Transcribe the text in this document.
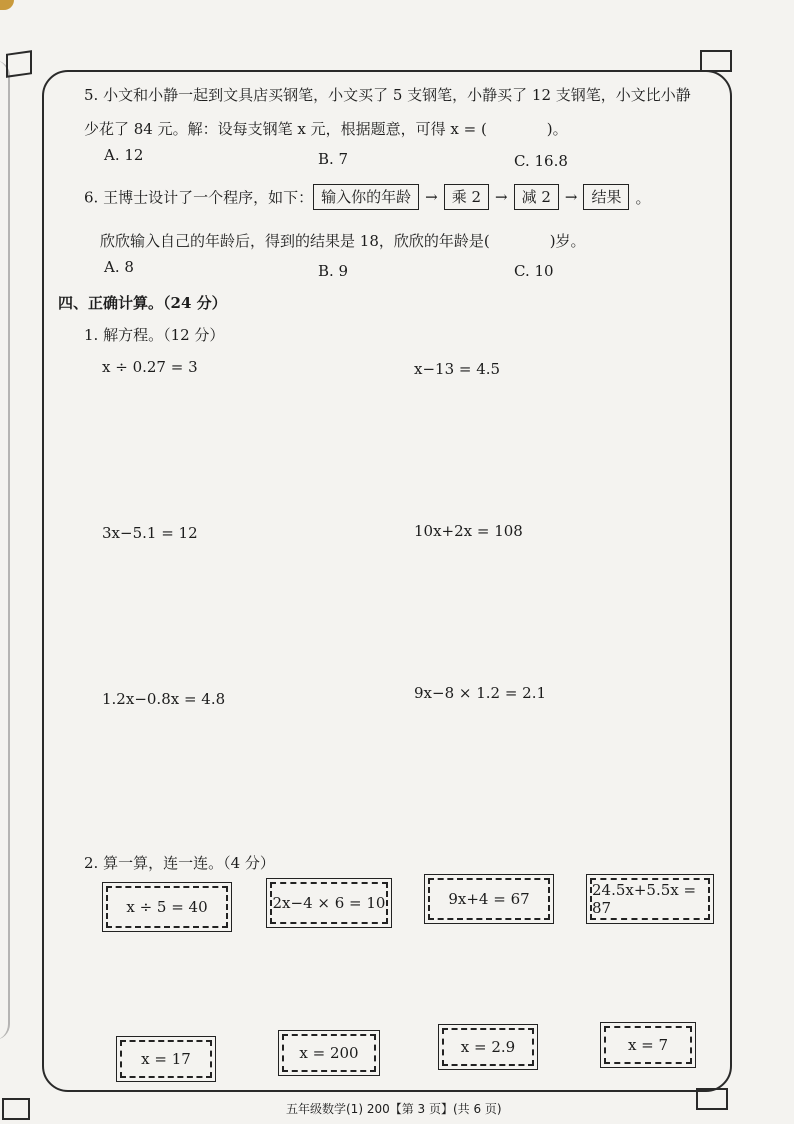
5. 小文和小静一起到文具店买钢笔，小文买了 5 支钢笔，小静买了 12 支钢笔，小文比小静
少花了 84 元。解：设每支钢笔 x 元，根据题意，可得 x = (　　　　)。
A. 12	B. 7	C. 16.8
6. 王博士设计了一个程序，如下： 输入你的年龄 → 乘 2 → 减 2 → 结果 。
欣欣输入自己的年龄后，得到的结果是 18，欣欣的年龄是(　　　　)岁。
A. 8	B. 9	C. 10
四、正确计算。（24 分）
1. 解方程。（12 分）
x ÷ 0.27 = 3	x−13 = 4.5
3x−5.1 = 12	10x+2x = 108
1.2x−0.8x = 4.8	9x−8 × 1.2 = 2.1
2. 算一算，连一连。（4 分）
x ÷ 5 = 40	2x−4 × 6 = 10	9x+4 = 67	24.5x+5.5x = 87
x = 17	x = 200	x = 2.9	x = 7
五年级数学(1) 200【第 3 页】(共 6 页)
